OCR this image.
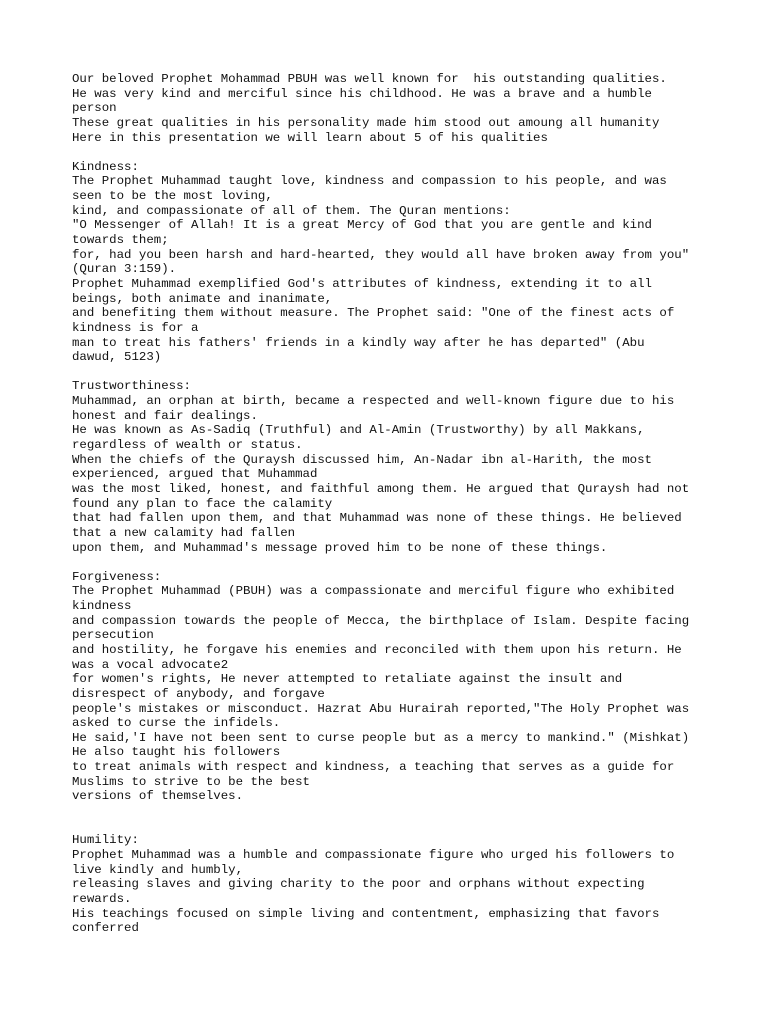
Our beloved Prophet Mohammad PBUH was well known for  his outstanding qualities.
He was very kind and merciful since his childhood. He was a brave and a humble
person
These great qualities in his personality made him stood out amoung all humanity
Here in this presentation we will learn about 5 of his qualities
Kindness:
The Prophet Muhammad taught love, kindness and compassion to his people, and was
seen to be the most loving,
kind, and compassionate of all of them. The Quran mentions:
"O Messenger of Allah! It is a great Mercy of God that you are gentle and kind
towards them;
for, had you been harsh and hard-hearted, they would all have broken away from you"
(Quran 3:159).
Prophet Muhammad exemplified God's attributes of kindness, extending it to all
beings, both animate and inanimate,
and benefiting them without measure. The Prophet said: "One of the finest acts of
kindness is for a
man to treat his fathers' friends in a kindly way after he has departed" (Abu
dawud, 5123)
Trustworthiness:
Muhammad, an orphan at birth, became a respected and well-known figure due to his
honest and fair dealings.
He was known as As-Sadiq (Truthful) and Al-Amin (Trustworthy) by all Makkans,
regardless of wealth or status.
When the chiefs of the Quraysh discussed him, An-Nadar ibn al-Harith, the most
experienced, argued that Muhammad
was the most liked, honest, and faithful among them. He argued that Quraysh had not
found any plan to face the calamity
that had fallen upon them, and that Muhammad was none of these things. He believed
that a new calamity had fallen
upon them, and Muhammad's message proved him to be none of these things.
Forgiveness:
The Prophet Muhammad (PBUH) was a compassionate and merciful figure who exhibited
kindness
and compassion towards the people of Mecca, the birthplace of Islam. Despite facing
persecution
and hostility, he forgave his enemies and reconciled with them upon his return. He
was a vocal advocate2
for women's rights, He never attempted to retaliate against the insult and
disrespect of anybody, and forgave
people's mistakes or misconduct. Hazrat Abu Hurairah reported,"The Holy Prophet was
asked to curse the infidels.
He said,'I have not been sent to curse people but as a mercy to mankind." (Mishkat)
He also taught his followers
to treat animals with respect and kindness, a teaching that serves as a guide for
Muslims to strive to be the best
versions of themselves.
Humility:
Prophet Muhammad was a humble and compassionate figure who urged his followers to
live kindly and humbly,
releasing slaves and giving charity to the poor and orphans without expecting
rewards.
His teachings focused on simple living and contentment, emphasizing that favors
conferred
